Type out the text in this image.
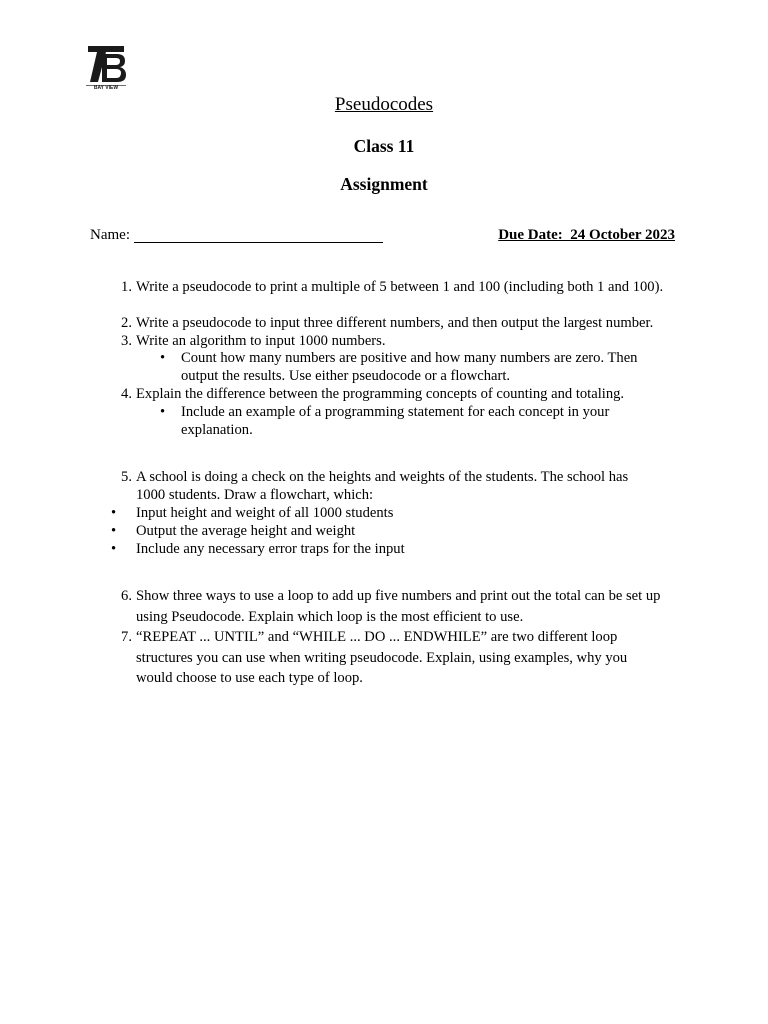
BAY VIEW
Pseudocodes
Class 11
Assignment
Name:	Due Date:  24 October 2023
1. Write a pseudocode to print a multiple of 5 between 1 and 100 (including both 1 and 100).
2. Write a pseudocode to input three different numbers, and then output the largest number.
3. Write an algorithm to input 1000 numbers.
• Count how many numbers are positive and how many numbers are zero. Then output the results. Use either pseudocode or a flowchart.
4. Explain the difference between the programming concepts of counting and totaling.
• Include an example of a programming statement for each concept in your explanation.
5. A school is doing a check on the heights and weights of the students. The school has 1000 students. Draw a flowchart, which:
• Input height and weight of all 1000 students
• Output the average height and weight
• Include any necessary error traps for the input
6. Show three ways to use a loop to add up five numbers and print out the total can be set up using Pseudocode. Explain which loop is the most efficient to use.
7. “REPEAT ... UNTIL” and “WHILE ... DO ... ENDWHILE” are two different loop structures you can use when writing pseudocode. Explain, using examples, why you would choose to use each type of loop.
